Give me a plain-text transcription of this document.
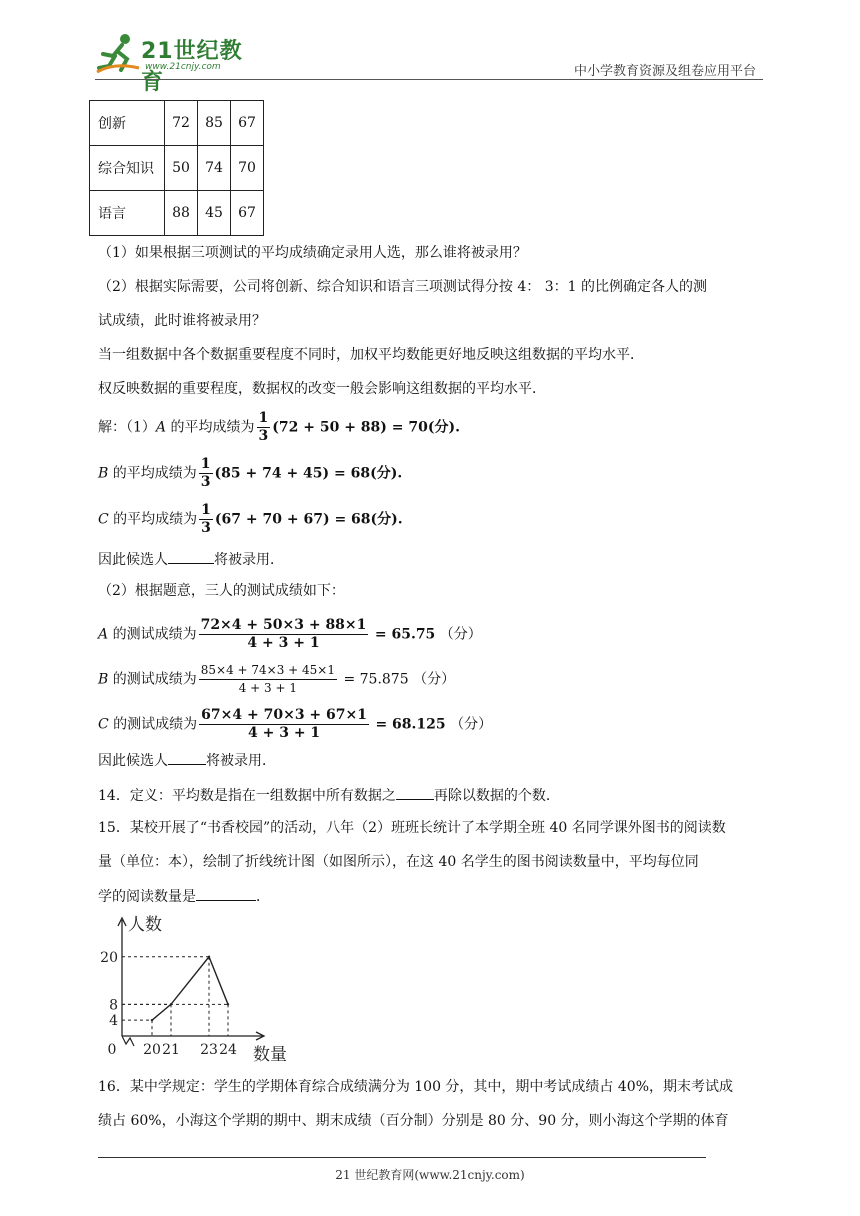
21世纪教育
www.21cnjy.com	中小学教育资源及组卷应用平台
创新	72	85	67
综合知识	50	74	70
语言	88	45	67
（1）如果根据三项测试的平均成绩确定录用人选，那么谁将被录用？
（2）根据实际需要，公司将创新、综合知识和语言三项测试得分按 4： 3：1 的比例确定各人的测
试成绩，此时谁将被录用？
当一组数据中各个数据重要程度不同时，加权平均数能更好地反映这组数据的平均水平．
权反映数据的重要程度，数据权的改变一般会影响这组数据的平均水平．
解：（1）A 的平均成绩为 $\frac{1}{3} (72 + 50 + 88) = 70$(分).
B 的平均成绩为 $\frac{1}{3} (85 + 74 + 45) = 68$(分).
C 的平均成绩为 $\frac{1}{3} (67 + 70 + 67) = 68$(分).
因此候选人	将被录用．
（2）根据题意，三人的测试成绩如下：
A 的测试成绩为 $\frac{72\times 4 + 50\times 3 + 88\times 1}{4 + 3 + 1} = 65.75$ （分）
B 的测试成绩为 $\frac{85\times 4 + 74\times 3 + 45\times 1}{4 + 3 + 1} = 75.875$ （分）
C 的测试成绩为 $\frac{67\times 4 + 70\times 3 + 67\times 1}{4 + 3 + 1} = 68.125$ （分）
因此候选人	将被录用．
14．定义：平均数是指在一组数据中所有数据之	再除以数据的个数．
15．某校开展了“书香校园”的活动，八年（2）班班长统计了本学期全班 40 名同学课外图书的阅读数
量（单位：本），绘制了折线统计图（如图所示），在这 40 名学生的图书阅读数量中，平均每位同
学的阅读数量是	．
4
8
20
20 21 23 24
0
人数
数量
16．某中学规定：学生的学期体育综合成绩满分为 100 分，其中，期中考试成绩占 40%，期末考试成
绩占 60%，小海这个学期的期中、期末成绩（百分制）分别是 80 分、90 分，则小海这个学期的体育
21 世纪教育网(www.21cnjy.com)
